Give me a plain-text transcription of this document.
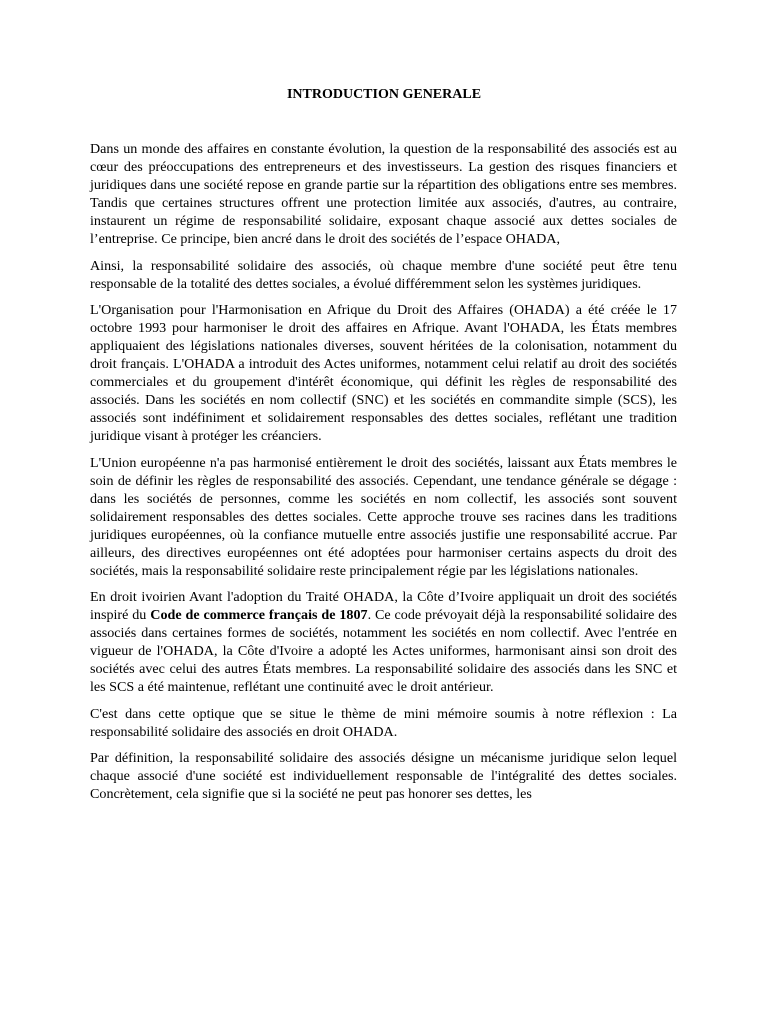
INTRODUCTION GENERALE

Dans un monde des affaires en constante évolution, la question de la responsabilité des associés est au cœur des préoccupations des entrepreneurs et des investisseurs. La gestion des risques financiers et juridiques dans une société repose en grande partie sur la répartition des obligations entre ses membres. Tandis que certaines structures offrent une protection limitée aux associés, d'autres, au contraire, instaurent un régime de responsabilité solidaire, exposant chaque associé aux dettes sociales de l’entreprise. Ce principe, bien ancré dans le droit des sociétés de l’espace OHADA,

Ainsi, la responsabilité solidaire des associés, où chaque membre d'une société peut être tenu responsable de la totalité des dettes sociales, a évolué différemment selon les systèmes juridiques.

L'Organisation pour l'Harmonisation en Afrique du Droit des Affaires (OHADA) a été créée le 17 octobre 1993 pour harmoniser le droit des affaires en Afrique. Avant l'OHADA, les États membres appliquaient des législations nationales diverses, souvent héritées de la colonisation, notamment du droit français. L'OHADA a introduit des Actes uniformes, notamment celui relatif au droit des sociétés commerciales et du groupement d'intérêt économique, qui définit les règles de responsabilité des associés. Dans les sociétés en nom collectif (SNC) et les sociétés en commandite simple (SCS), les associés sont indéfiniment et solidairement responsables des dettes sociales, reflétant une tradition juridique visant à protéger les créanciers.

L'Union européenne n'a pas harmonisé entièrement le droit des sociétés, laissant aux États membres le soin de définir les règles de responsabilité des associés. Cependant, une tendance générale se dégage : dans les sociétés de personnes, comme les sociétés en nom collectif, les associés sont souvent solidairement responsables des dettes sociales. Cette approche trouve ses racines dans les traditions juridiques européennes, où la confiance mutuelle entre associés justifie une responsabilité accrue. Par ailleurs, des directives européennes ont été adoptées pour harmoniser certains aspects du droit des sociétés, mais la responsabilité solidaire reste principalement régie par les législations nationales.

En droit ivoirien Avant l'adoption du Traité OHADA, la Côte d’Ivoire appliquait un droit des sociétés inspiré du Code de commerce français de 1807. Ce code prévoyait déjà la responsabilité solidaire des associés dans certaines formes de sociétés, notamment les sociétés en nom collectif. Avec l'entrée en vigueur de l'OHADA, la Côte d'Ivoire a adopté les Actes uniformes, harmonisant ainsi son droit des sociétés avec celui des autres États membres. La responsabilité solidaire des associés dans les SNC et les SCS a été maintenue, reflétant une continuité avec le droit antérieur.

C'est dans cette optique que se situe le thème de mini mémoire soumis à notre réflexion : La responsabilité solidaire des associés en droit OHADA.

Par définition, la responsabilité solidaire des associés désigne un mécanisme juridique selon lequel chaque associé d'une société est individuellement responsable de l'intégralité des dettes sociales. Concrètement, cela signifie que si la société ne peut pas honorer ses dettes, les
